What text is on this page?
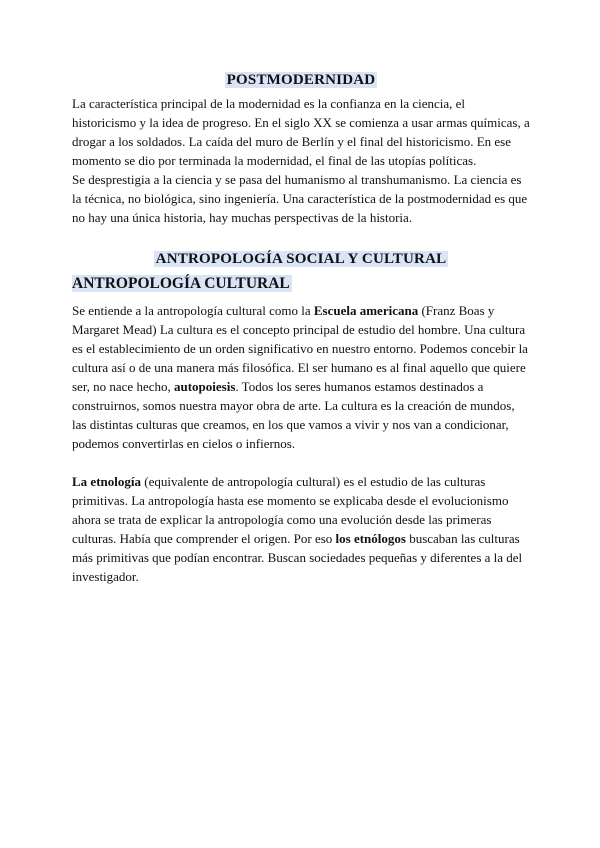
POSTMODERNIDAD

La característica principal de la modernidad es la confianza en la ciencia, el historicismo y la idea de progreso. En el siglo XX se comienza a usar armas químicas, a drogar a los soldados. La caída del muro de Berlín y el final del historicismo. En ese momento se dio por terminada la modernidad, el final de las utopías políticas.

Se desprestigia a la ciencia y se pasa del humanismo al transhumanismo. La ciencia es la técnica, no biológica, sino ingeniería. Una característica de la postmodernidad es que no hay una única historia, hay muchas perspectivas de la historia.

ANTROPOLOGÍA SOCIAL Y CULTURAL
ANTROPOLOGÍA CULTURAL

Se entiende a la antropología cultural como la Escuela americana (Franz Boas y Margaret Mead) La cultura es el concepto principal de estudio del hombre. Una cultura es el establecimiento de un orden significativo en nuestro entorno. Podemos concebir la cultura así o de una manera más filosófica. El ser humano es al final aquello que quiere ser, no nace hecho, autopoiesis. Todos los seres humanos estamos destinados a construirnos, somos nuestra mayor obra de arte. La cultura es la creación de mundos, las distintas culturas que creamos, en los que vamos a vivir y nos van a condicionar, podemos convertirlas en cielos o infiernos.

La etnología (equivalente de antropología cultural) es el estudio de las culturas primitivas. La antropología hasta ese momento se explicaba desde el evolucionismo ahora se trata de explicar la antropología como una evolución desde las primeras culturas. Había que comprender el origen. Por eso los etnólogos buscaban las culturas más primitivas que podían encontrar. Buscan sociedades pequeñas y diferentes a la del investigador.
